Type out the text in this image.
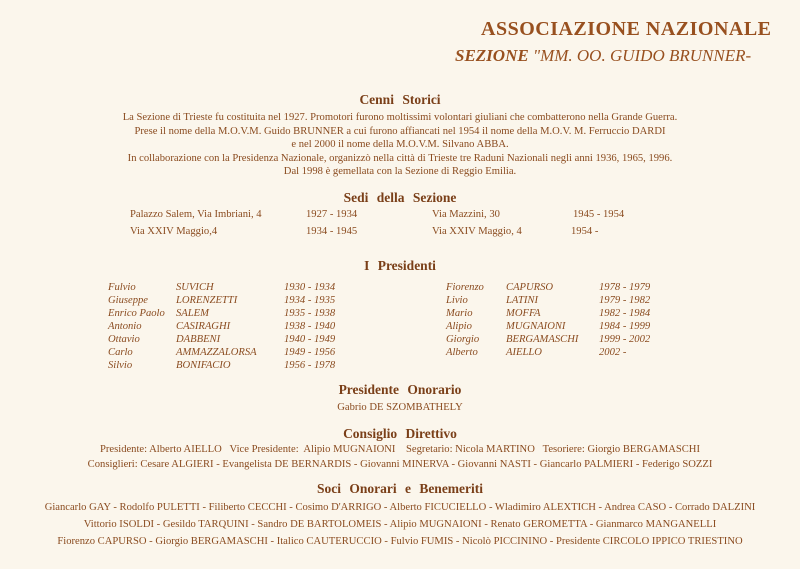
ASSOCIAZIONE NAZIONALE
SEZIONE "MM. OO. GUIDO BRUNNER-
Cenni Storici
La Sezione di Trieste fu costituita nel 1927. Promotori furono moltissimi volontari giuliani che combatterono nella Grande Guerra.
Prese il nome della M.O.V.M. Guido BRUNNER a cui furono affiancati nel 1954 il nome della M.O.V. M. Ferruccio DARDI
e nel 2000 il nome della M.O.V.M. Silvano ABBA.
In collaborazione con la Presidenza Nazionale, organizzò nella città di Trieste tre Raduni Nazionali negli anni 1936, 1965, 1996.
Dal 1998 è gemellata con la Sezione di Reggio Emilia.
Sedi della Sezione
Palazzo Salem, Via Imbriani, 4	1927 - 1934
Via XXIV Maggio,4	1934 - 1945
Via Mazzini, 30	1945 - 1954
Via XXIV Maggio, 4	1954 -
I Presidenti
Fulvio	SUVICH	1930 - 1934
Giuseppe	LORENZETTI	1934 - 1935
Enrico Paolo SALEM	1935 - 1938
Antonio	CASIRAGHI	1938 - 1940
Ottavio	DABBENI	1940 - 1949
Carlo	AMMAZZALORSA	1949 - 1956
Silvio	BONIFACIO	1956 - 1978
Fiorenzo CAPURSO	1978 - 1979
Livio	LATINI	1979 - 1982
Mario	MOFFA	1982 - 1984
Alipio	MUGNAIONI	1984 - 1999
Giorgio	BERGAMASCHI 1999 - 2002
Alberto	AIELLO	2002 -
Presidente Onorario
Gabrio DE SZOMBATHELY
Consiglio Direttivo
Presidente: Alberto AIELLO   Vice Presidente:  Alipio MUGNAIONI    Segretario: Nicola MARTINO   Tesoriere: Giorgio BERGAMASCHI
Consiglieri: Cesare ALGIERI - Evangelista DE BERNARDIS - Giovanni MINERVA - Giovanni NASTI - Giancarlo PALMIERI - Federigo SOZZI
Soci Onorari e Benemeriti
Giancarlo GAY - Rodolfo PULETTI - Filiberto CECCHI - Cosimo D'ARRIGO - Alberto FICUCIELLO - Wladimiro ALEXTICH - Andrea CASO - Corrado DALZINI
Vittorio ISOLDI - Gesildo TARQUINI - Sandro DE BARTOLOMEIS - Alipio MUGNAIONI - Renato GEROMETTA - Gianmarco MANGANELLI
Fiorenzo CAPURSO - Giorgio BERGAMASCHI - Italico CAUTERUCCIO - Fulvio FUMIS - Nicolò PICCININO - Presidente CIRCOLO IPPICO TRIESTINO
